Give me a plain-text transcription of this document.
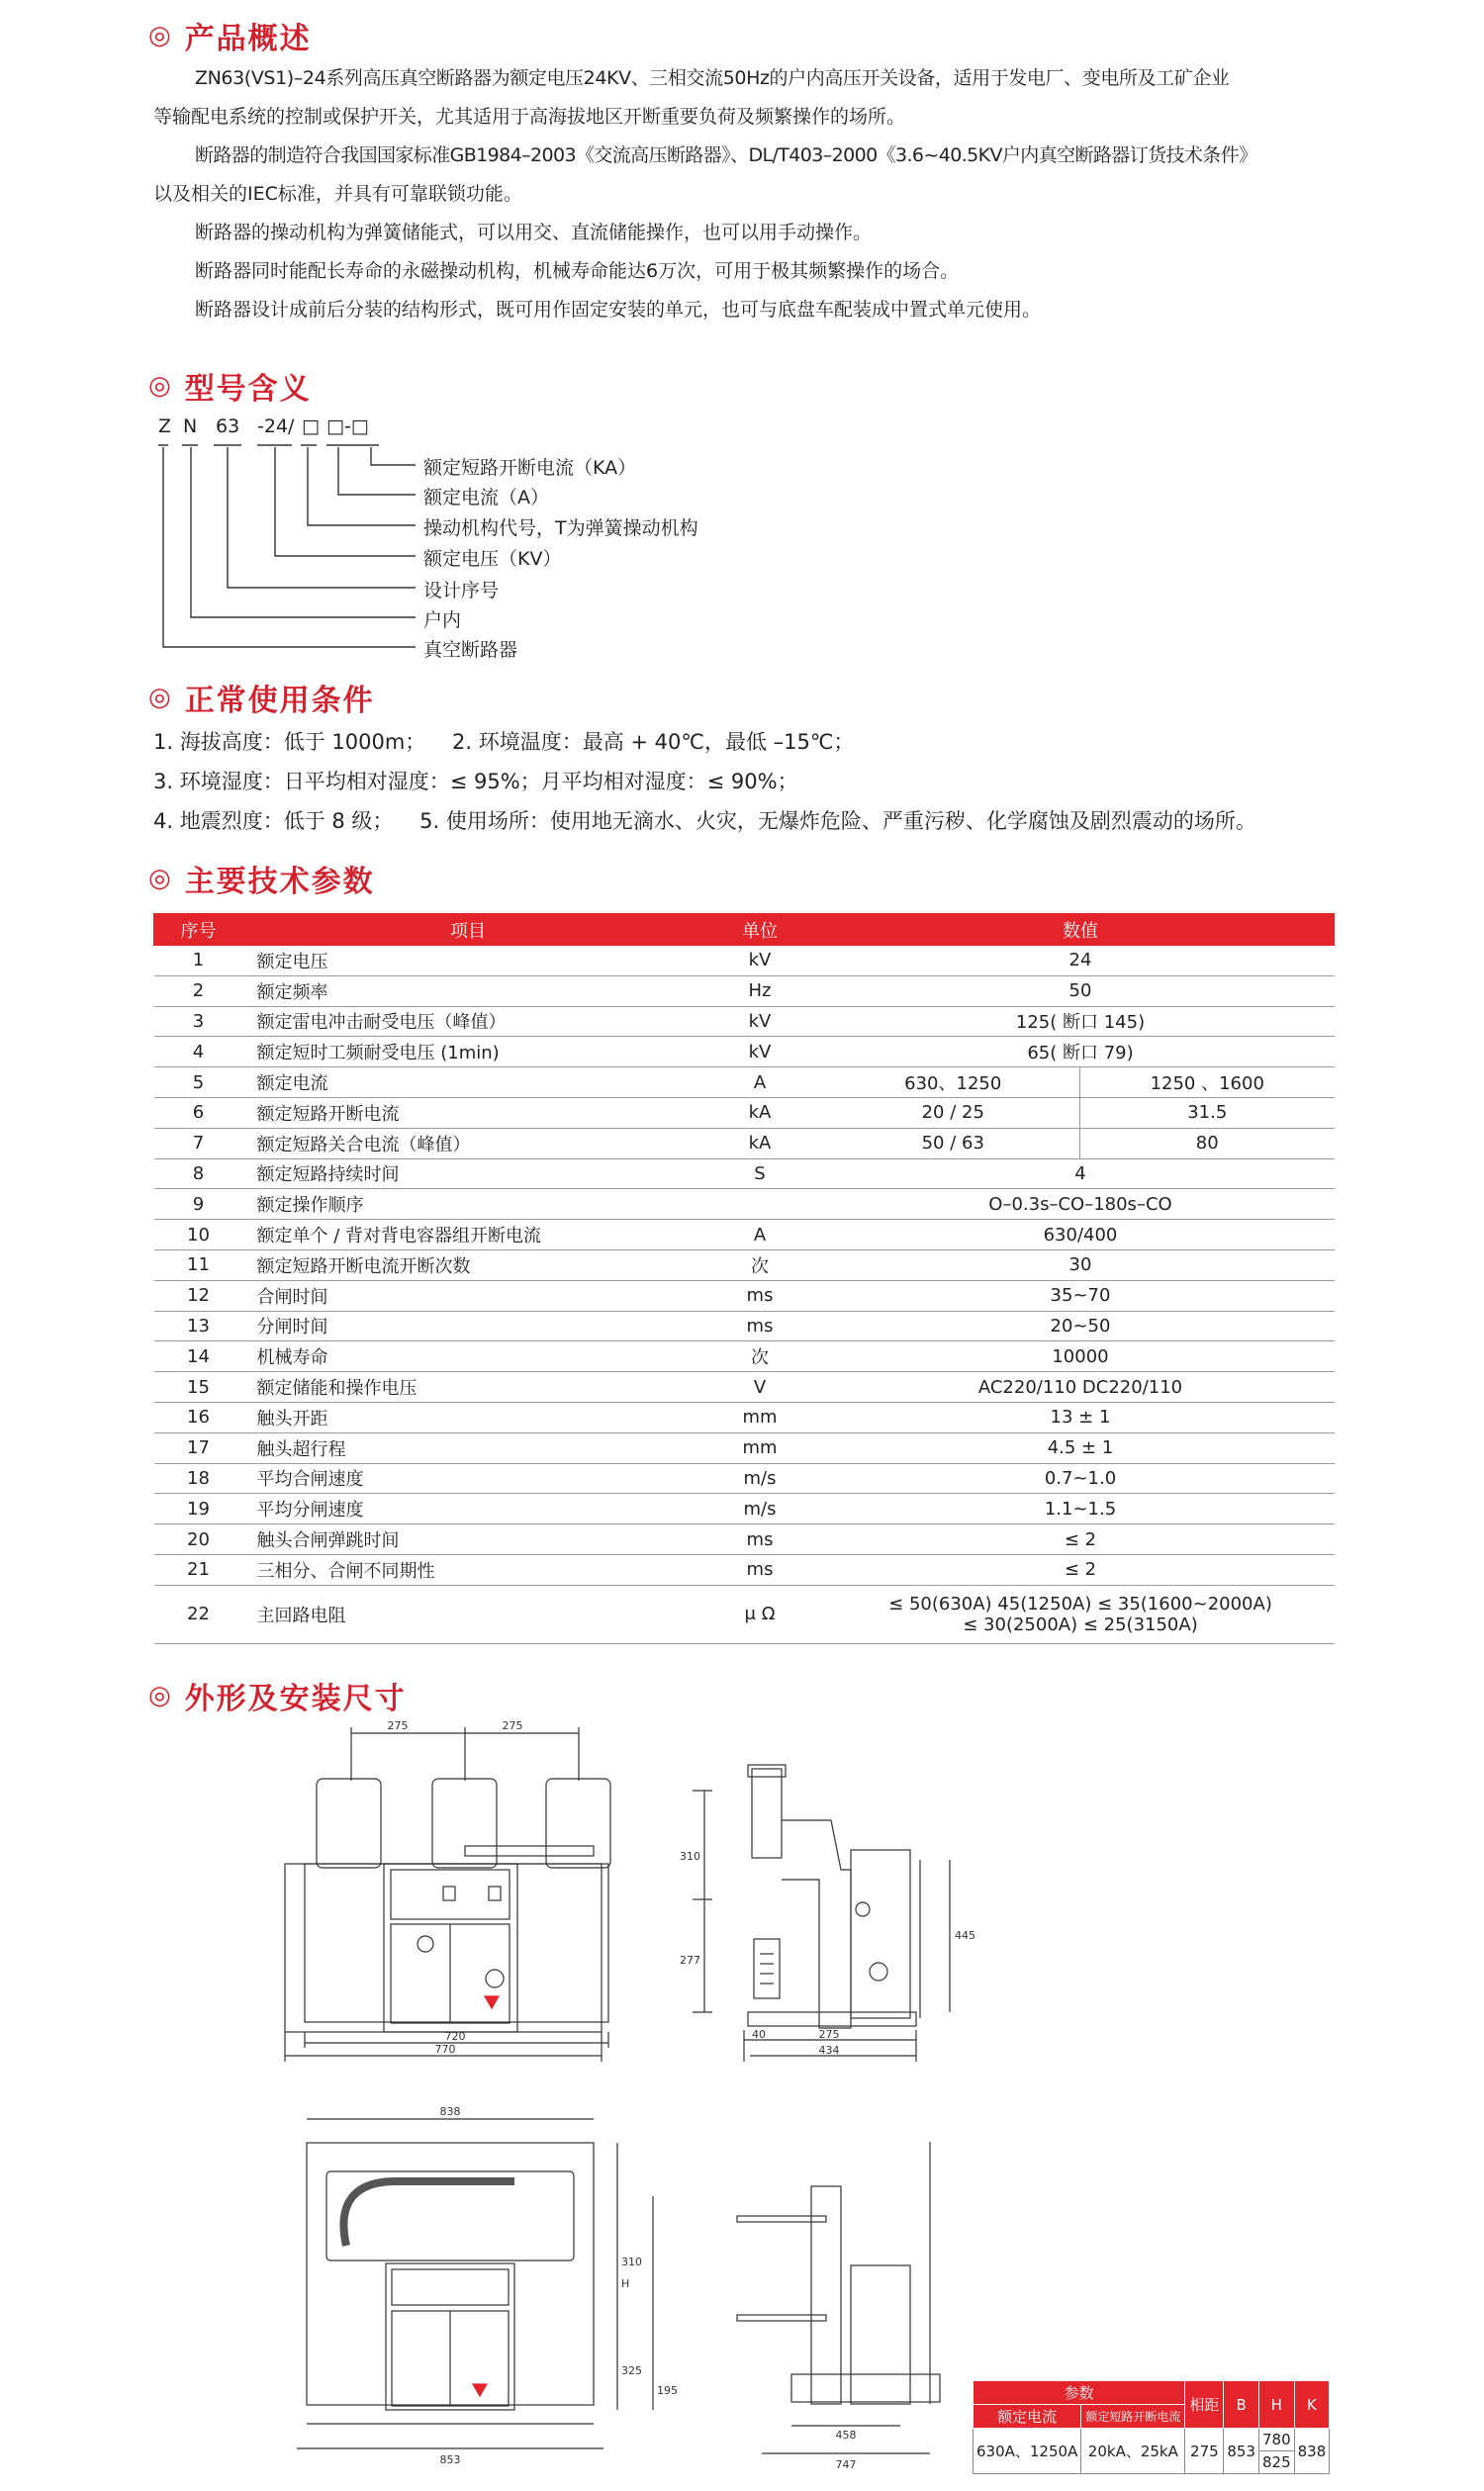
◎ 产品概述

ZN63(VS1)–24系列高压真空断路器为额定电压24KV、三相交流50Hz的户内高压开关设备，适用于发电厂、变电所及工矿企业

等输配电系统的控制或保护开关，尤其适用于高海拔地区开断重要负荷及频繁操作的场所。

断路器的制造符合我国国家标准GB1984–2003《交流高压断路器》、DL/T403–2000《3.6~40.5KV户内真空断路器订货技术条件》

以及相关的IEC标准，并具有可靠联锁功能。

断路器的操动机构为弹簧储能式，可以用交、直流储能操作，也可以用手动操作。

断路器同时能配长寿命的永磁操动机构，机械寿命能达6万次，可用于极其频繁操作的场合。

断路器设计成前后分装的结构形式，既可用作固定安装的单元，也可与底盘车配装成中置式单元使用。

◎ 型号含义
Z N 63 -24/ □ □-□
额定短路开断电流（KA）
额定电流（A）
操动机构代号，T为弹簧操动机构
额定电压（KV）
设计序号
户内
真空断路器
◎ 正常使用条件
1. 海拔高度：低于 1000m；    2. 环境温度：最高 + 40℃，最低 –15℃；
3. 环境湿度：日平均相对湿度：≤ 95%；月平均相对湿度：≤ 90%；
4. 地震烈度：低于 8 级；    5. 使用场所：使用地无滴水、火灾，无爆炸危险、严重污秽、化学腐蚀及剧烈震动的场所。
◎ 主要技术参数
序号	项目	单位	数值	
1	额定电压	kV	24	
2	额定频率	Hz	50	
3	额定雷电冲击耐受电压（峰值）	kV	125( 断口 145)	
4	额定短时工频耐受电压 (1min)	kV	65( 断口 79)	
5	额定电流	A	630、1250	1250 、1600
6	额定短路开断电流	kA	20 / 25	31.5
7	额定短路关合电流（峰值）	kA	50 / 63	80
8	额定短路持续时间	S	4	
9	额定操作顺序		O–0.3s–CO–180s–CO	
10	额定单个 / 背对背电容器组开断电流	A	630/400	
11	额定短路开断电流开断次数	次	30	
12	合闸时间	ms	35~70	
13	分闸时间	ms	20~50	
14	机械寿命	次	10000	
15	额定储能和操作电压	V	AC220/110 DC220/110	
16	触头开距	mm	13 ± 1	
17	触头超行程	mm	4.5 ± 1	
18	平均合闸速度	m/s	0.7~1.0	
19	平均分闸速度	m/s	1.1~1.5	
20	触头合闸弹跳时间	ms	≤ 2	
21	三相分、合闸不同期性	ms	≤ 2	
22	主回路电阻	μ Ω	≤ 50(630A) 45(1250A) ≤ 35(1600~2000A)
≤ 30(2500A) ≤ 25(3150A)	
◎ 外形及安装尺寸
275	275
720
770
310
277
445
40	275
434
838
H
310
325
195
853
458
747
参数		相距	B	H	K
额定电流	额定短路开断电流				
630A、1250A	20kA、25kA	275	853	780	838
				825	
